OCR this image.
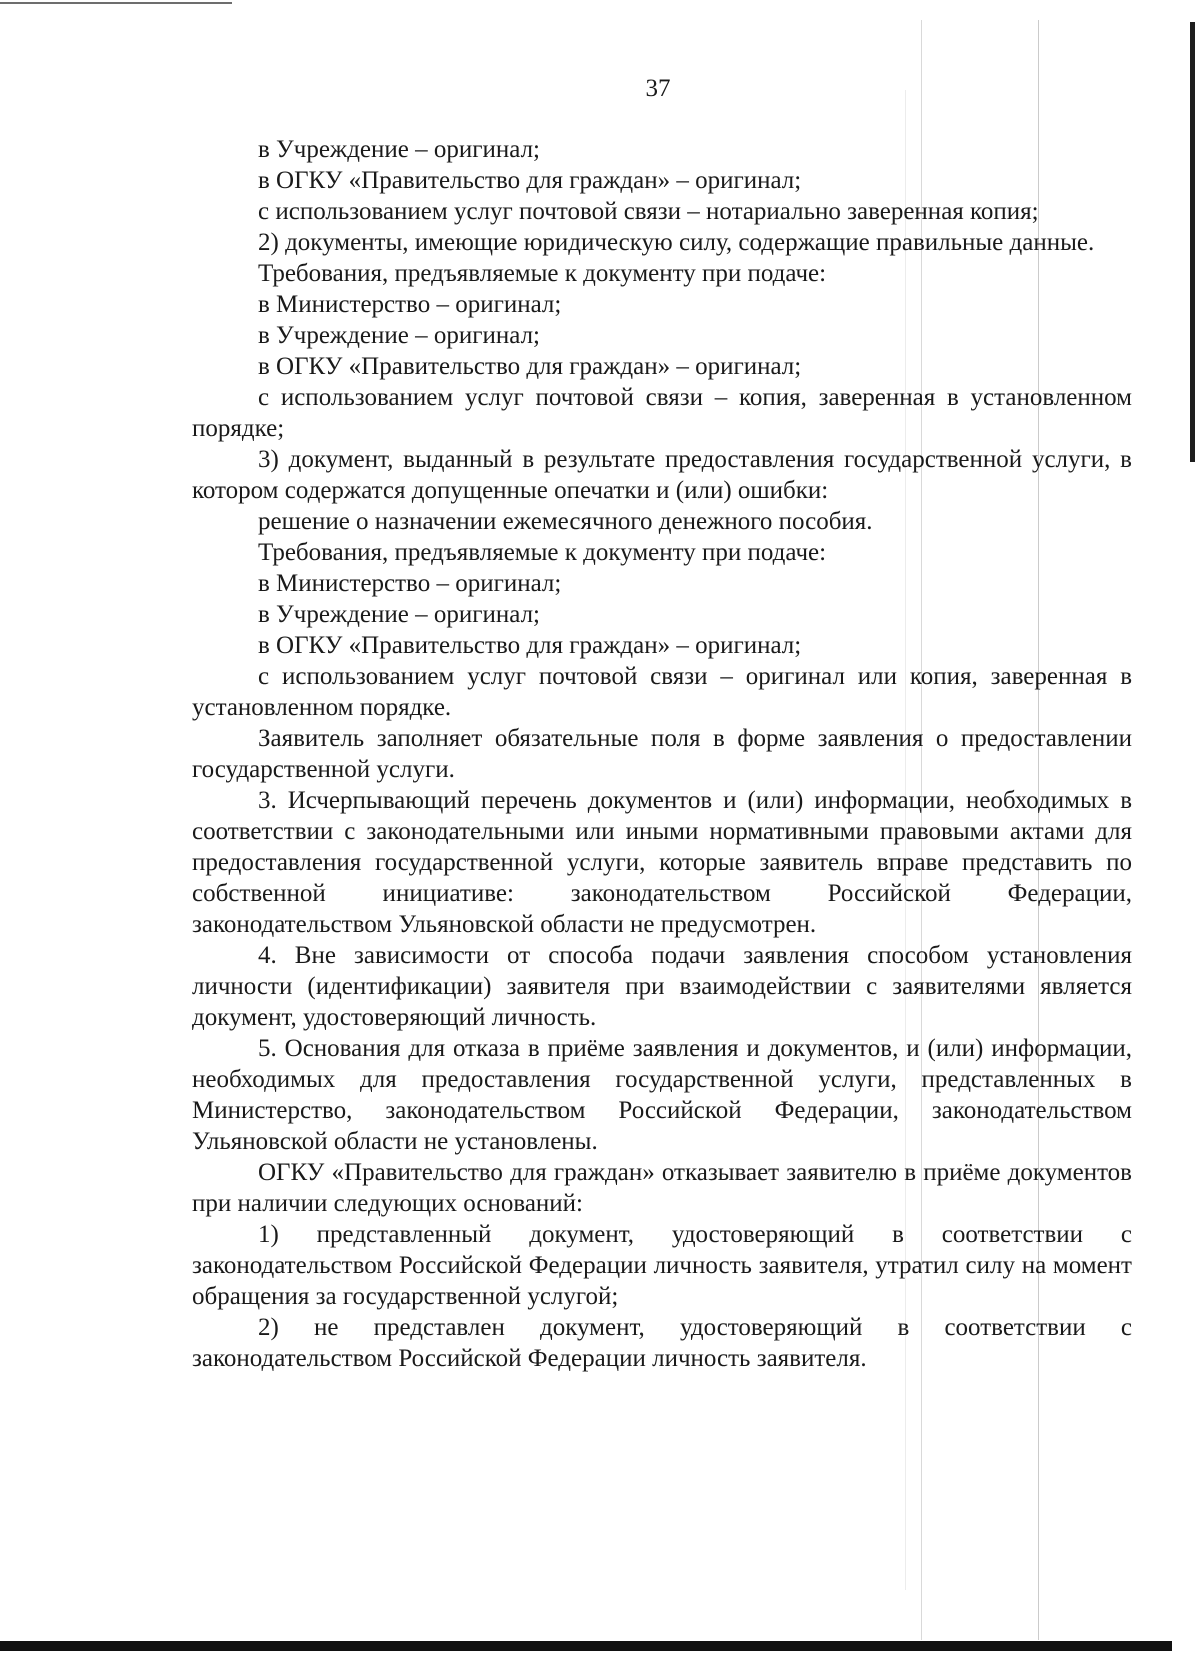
37

в Учреждение – оригинал;

в ОГКУ «Правительство для граждан» – оригинал;

с использованием услуг почтовой связи – нотариально заверенная копия;

2) документы, имеющие юридическую силу, содержащие правильные данные.

Требования, предъявляемые к документу при подаче:

в Министерство – оригинал;

в Учреждение – оригинал;

в ОГКУ «Правительство для граждан» – оригинал;

с использованием услуг почтовой связи – копия, заверенная в установленном порядке;

3) документ, выданный в результате предоставления государственной услуги, в котором содержатся допущенные опечатки и (или) ошибки:

решение о назначении ежемесячного денежного пособия.

Требования, предъявляемые к документу при подаче:

в Министерство – оригинал;

в Учреждение – оригинал;

в ОГКУ «Правительство для граждан» – оригинал;

с использованием услуг почтовой связи – оригинал или копия, заверенная в установленном порядке.

Заявитель заполняет обязательные поля в форме заявления о предоставлении государственной услуги.

3. Исчерпывающий перечень документов и (или) информации, необходимых в соответствии с законодательными или иными нормативными правовыми актами для предоставления государственной услуги, которые заявитель вправе представить по собственной инициативе: законодательством Российской Федерации, законодательством Ульяновской области не предусмотрен.

4. Вне зависимости от способа подачи заявления способом установления личности (идентификации) заявителя при взаимодействии с заявителями является документ, удостоверяющий личность.

5. Основания для отказа в приёме заявления и документов, и (или) информации, необходимых для предоставления государственной услуги, представленных в Министерство, законодательством Российской Федерации, законодательством Ульяновской области не установлены.

ОГКУ «Правительство для граждан» отказывает заявителю в приёме документов при наличии следующих оснований:

1) представленный документ, удостоверяющий в соответствии с законодательством Российской Федерации личность заявителя, утратил силу на момент обращения за государственной услугой;

2) не представлен документ, удостоверяющий в соответствии с законодательством Российской Федерации личность заявителя.
